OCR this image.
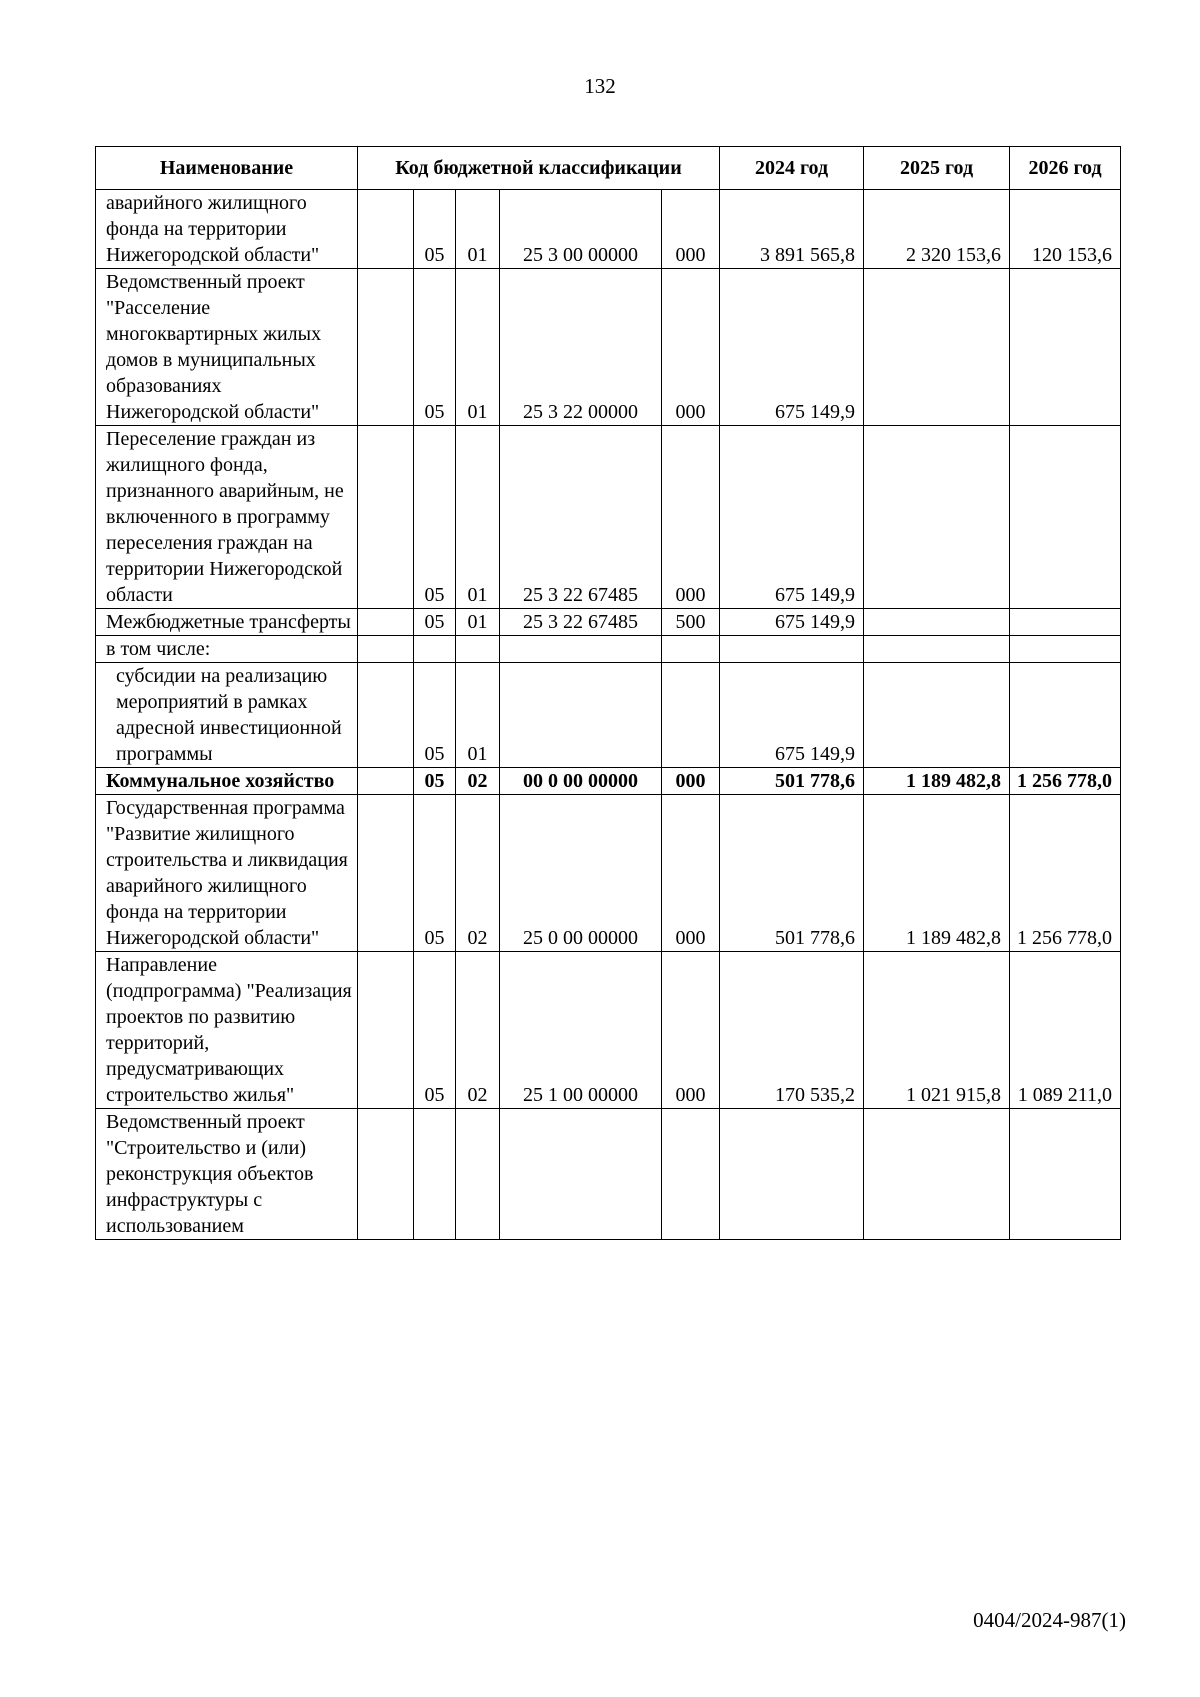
132
Наименование	Код бюджетной классификации					2024 год	2025 год	2026 год
аварийного жилищного фонда на территории Нижегородской области"		05	01	25 3 00 00000	000	3 891 565,8	2 320 153,6	120 153,6
Ведомственный проект "Расселение многоквартирных жилых домов в муниципальных образованиях Нижегородской области"		05	01	25 3 22 00000	000	675 149,9		
Переселение граждан из жилищного фонда, признанного аварийным, не включенного в программу переселения граждан на территории Нижегородской области		05	01	25 3 22 67485	000	675 149,9		
Межбюджетные трансферты		05	01	25 3 22 67485	500	675 149,9		
в том числе:								
субсидии на реализацию мероприятий в рамках адресной инвестиционной программы		05	01			675 149,9		
Коммунальное хозяйство		05	02	00 0 00 00000	000	501 778,6	1 189 482,8	1 256 778,0
Государственная программа "Развитие жилищного строительства и ликвидация аварийного жилищного фонда на территории Нижегородской области"		05	02	25 0 00 00000	000	501 778,6	1 189 482,8	1 256 778,0
Направление (подпрограмма) "Реализация проектов по развитию территорий, предусматривающих строительство жилья"		05	02	25 1 00 00000	000	170 535,2	1 021 915,8	1 089 211,0
Ведомственный проект "Строительство и (или) реконструкция объектов инфраструктуры с использованием								
0404/2024-987(1)
